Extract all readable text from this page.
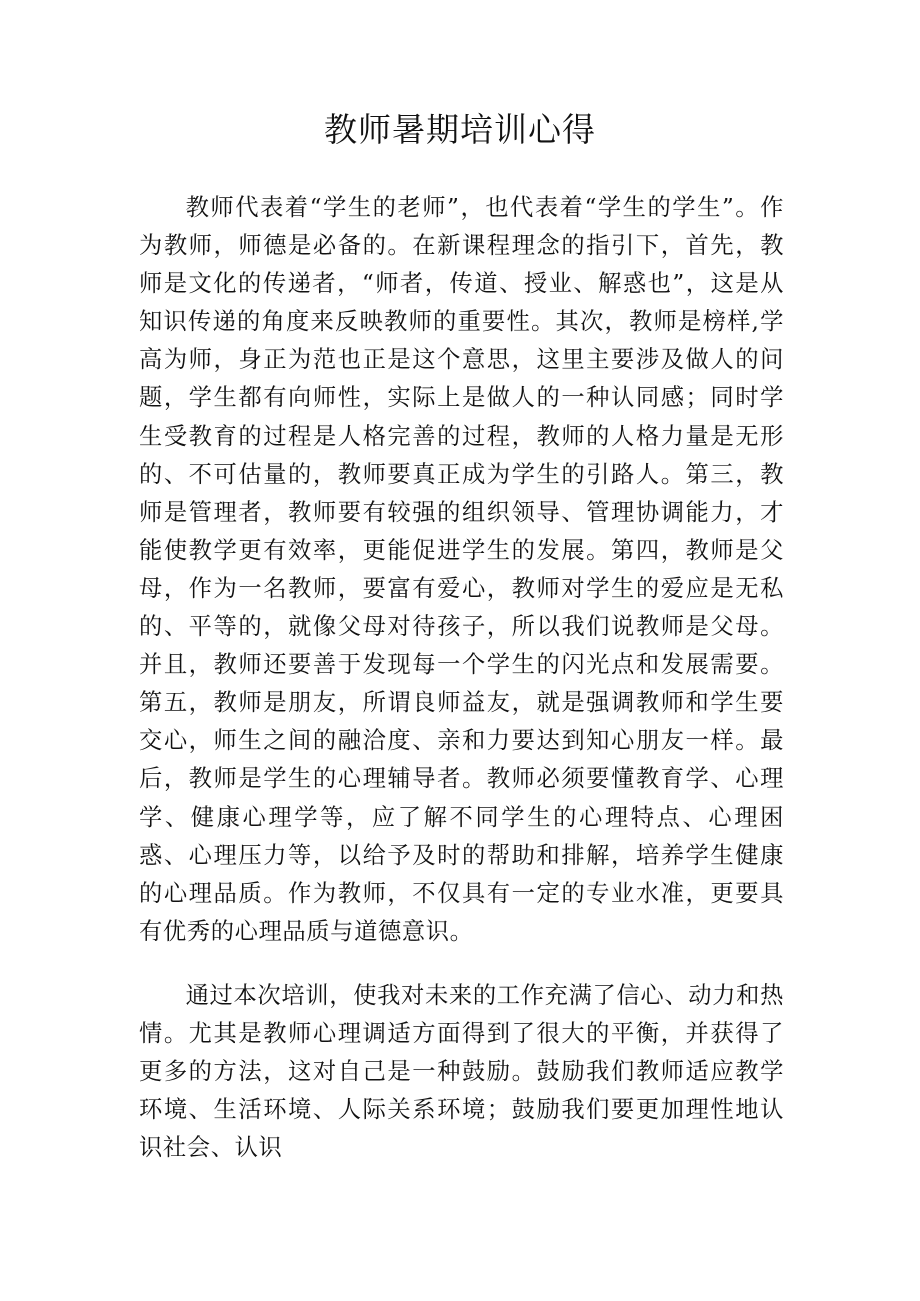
教师暑期培训心得

教师代表着“学生的老师”，也代表着“学生的学生”。作为教师，师德是必备的。在新课程理念的指引下，首先，教师是文化的传递者，“师者，传道、授业、解惑也”，这是从知识传递的角度来反映教师的重要性。其次，教师是榜样,学高为师，身正为范也正是这个意思，这里主要涉及做人的问题，学生都有向师性，实际上是做人的一种认同感；同时学生受教育的过程是人格完善的过程，教师的人格力量是无形的、不可估量的，教师要真正成为学生的引路人。第三，教师是管理者，教师要有较强的组织领导、管理协调能力，才能使教学更有效率，更能促进学生的发展。第四，教师是父母，作为一名教师，要富有爱心，教师对学生的爱应是无私的、平等的，就像父母对待孩子，所以我们说教师是父母。并且，教师还要善于发现每一个学生的闪光点和发展需要。第五，教师是朋友，所谓良师益友，就是强调教师和学生要交心，师生之间的融洽度、亲和力要达到知心朋友一样。最后，教师是学生的心理辅导者。教师必须要懂教育学、心理学、健康心理学等，应了解不同学生的心理特点、心理困惑、心理压力等，以给予及时的帮助和排解，培养学生健康的心理品质。作为教师，不仅具有一定的专业水准，更要具有优秀的心理品质与道德意识。

通过本次培训，使我对未来的工作充满了信心、动力和热情。尤其是教师心理调适方面得到了很大的平衡，并获得了更多的方法，这对自己是一种鼓励。鼓励我们教师适应教学环境、生活环境、人际关系环境；鼓励我们要更加理性地认识社会、认识
